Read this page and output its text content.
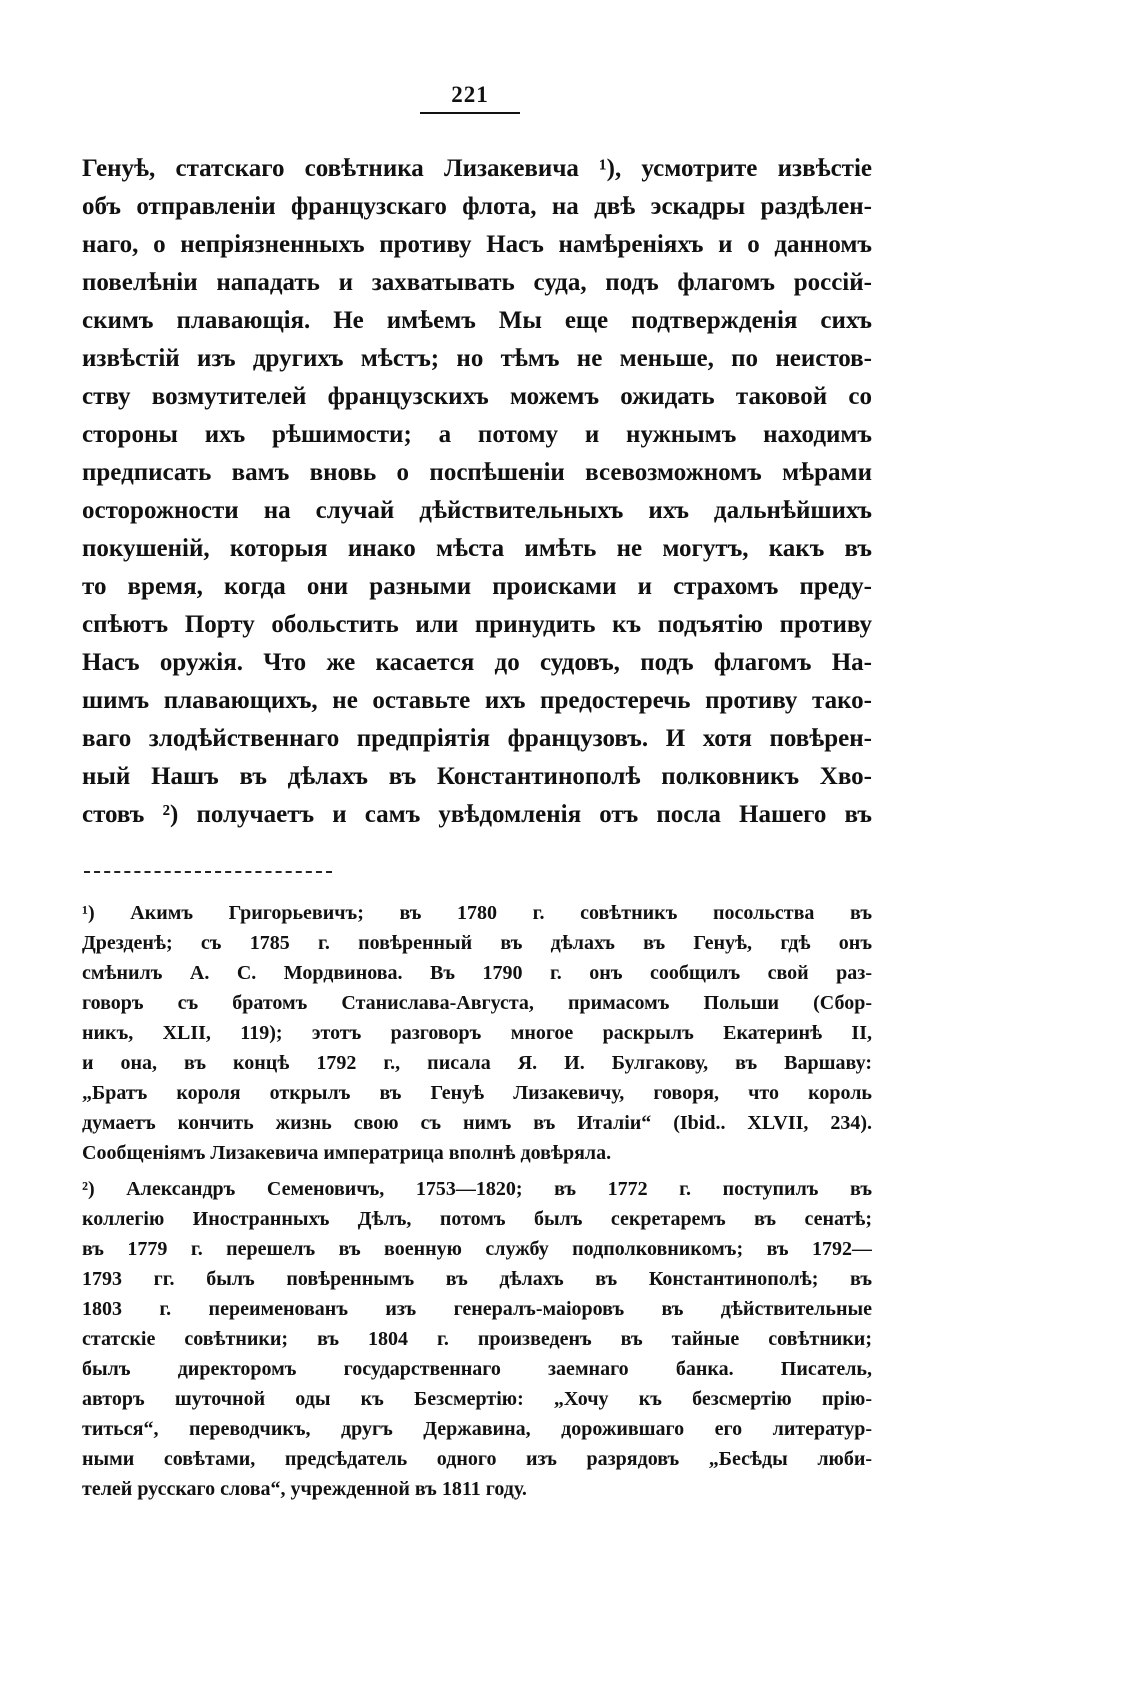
221
Генуѣ, статскаго совѣтника Лизакевича ¹), усмотрите извѣстіе
объ отправленіи французскаго флота, на двѣ эскадры раздѣлен-
наго, о непріязненныхъ противу Насъ намѣреніяхъ и о данномъ
повелѣніи нападать и захватывать суда, подъ флагомъ россій-
скимъ плавающія. Не имѣемъ Мы еще подтвержденія сихъ
извѣстій изъ другихъ мѣстъ; но тѣмъ не меньше, по неистов-
ству возмутителей французскихъ можемъ ожидать таковой со
стороны ихъ рѣшимости; а потому и нужнымъ находимъ
предписать вамъ вновь о поспѣшеніи всевозможномъ мѣрами
осторожности на случай дѣйствительныхъ ихъ дальнѣйшихъ
покушеній, которыя инако мѣста имѣть не могутъ, какъ въ
то время, когда они разными происками и страхомъ преду-
спѣютъ Порту обольстить или принудить къ подъятію противу
Насъ оружія. Что же касается до судовъ, подъ флагомъ На-
шимъ плавающихъ, не оставьте ихъ предостеречь противу тако-
ваго злодѣйственнаго предпріятія французовъ. И хотя повѣрен-
ный Нашъ въ дѣлахъ въ Константинополѣ полковникъ Хво-
стовъ ²) получаетъ и самъ увѣдомленія отъ посла Нашего въ
¹) Акимъ Григорьевичъ; въ 1780 г. совѣтникъ посольства въ
Дрезденѣ; съ 1785 г. повѣренный въ дѣлахъ въ Генуѣ, гдѣ онъ
смѣнилъ А. С. Мордвинова. Въ 1790 г. онъ сообщилъ свой раз-
говоръ съ братомъ Станислава-Августа, примасомъ Польши (Сбор-
никъ, XLII, 119); этотъ разговоръ многое раскрылъ Екатеринѣ II,
и она, въ концѣ 1792 г., писала Я. И. Булгакову, въ Варшаву:
„Братъ короля открылъ въ Генуѣ Лизакевичу, говоря, что король
думаетъ кончить жизнь свою съ нимъ въ Италіи“ (Ibid.. XLVII, 234).
Сообщеніямъ Лизакевича императрица вполнѣ довѣряла.
²) Александръ Семеновичъ, 1753—1820; въ 1772 г. поступилъ въ
коллегію Иностранныхъ Дѣлъ, потомъ былъ секретаремъ въ сенатѣ;
въ 1779 г. перешелъ въ военную службу подполковникомъ; въ 1792—
1793 гг. былъ повѣреннымъ въ дѣлахъ въ Константинополѣ; въ
1803 г. переименованъ изъ генералъ-маіоровъ въ дѣйствительные
статскіе совѣтники; въ 1804 г. произведенъ въ тайные совѣтники;
былъ директоромъ государственнаго заемнаго банка. Писатель,
авторъ шуточной оды къ Безсмертію: „Хочу къ безсмертію прію-
титься“, переводчикъ, другъ Державина, дорожившаго его литератур-
ными совѣтами, предсѣдатель одного изъ разрядовъ „Бесѣды люби-
телей русскаго слова“, учрежденной въ 1811 году.
